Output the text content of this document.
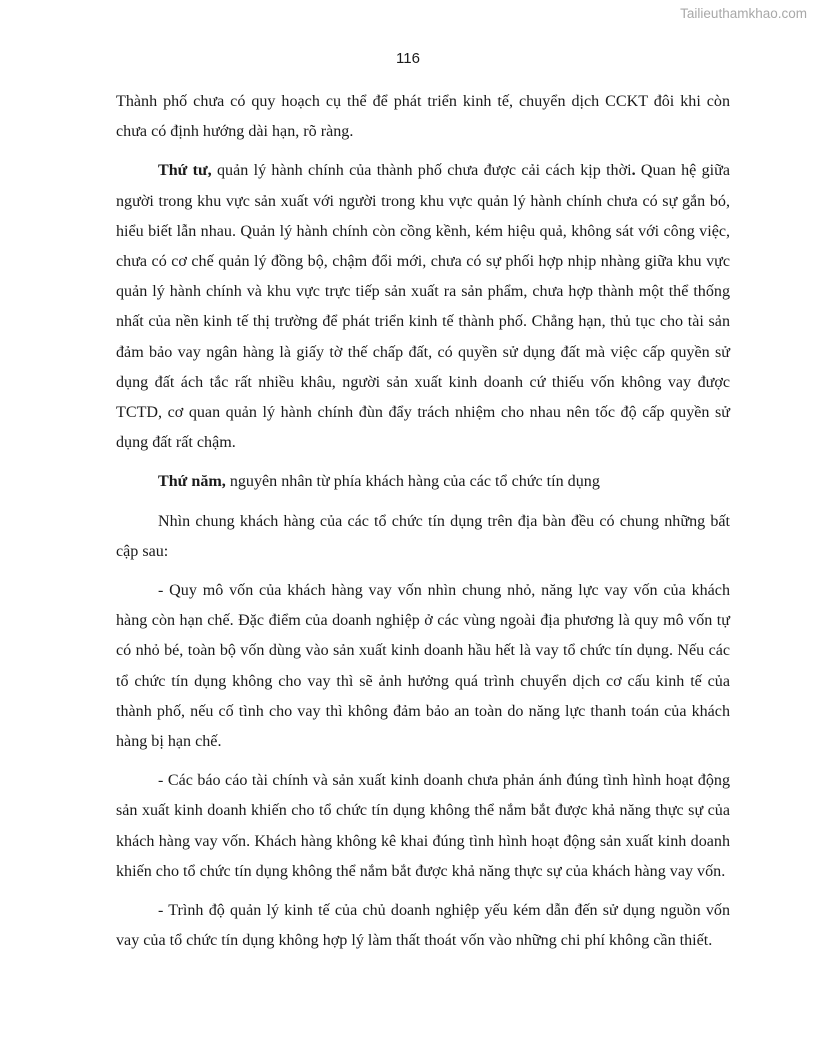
Tailieuthamkhao.com
116

Thành phố chưa có quy hoạch cụ thể để phát triển kinh tế, chuyển dịch CCKT đôi khi còn chưa có định hướng dài hạn, rõ ràng.

Thứ tư, quản lý hành chính của thành phố chưa được cải cách kịp thời. Quan hệ giữa người trong khu vực sản xuất với người trong khu vực quản lý hành chính chưa có sự gắn bó, hiểu biết lẫn nhau. Quản lý hành chính còn cồng kềnh, kém hiệu quả, không sát với công việc, chưa có cơ chế quản lý đồng bộ, chậm đổi mới, chưa có sự phối hợp nhịp nhàng giữa khu vực quản lý hành chính và khu vực trực tiếp sản xuất ra sản phẩm, chưa hợp thành một thể thống nhất của nền kinh tế thị trường để phát triển kinh tế thành phố. Chẳng hạn, thủ tục cho tài sản đảm bảo vay ngân hàng là giấy tờ thế chấp đất, có quyền sử dụng đất mà việc cấp quyền sử dụng đất ách tắc rất nhiều khâu, người sản xuất kinh doanh cứ thiếu vốn không vay được TCTD, cơ quan quản lý hành chính đùn đẩy trách nhiệm cho nhau nên tốc độ cấp quyền sử dụng đất rất chậm.

Thứ năm, nguyên nhân từ phía khách hàng của các tổ chức tín dụng

Nhìn chung khách hàng của các tổ chức tín dụng trên địa bàn đều có chung những bất cập sau:

- Quy mô vốn của khách hàng vay vốn nhìn chung nhỏ, năng lực vay vốn của khách hàng còn hạn chế. Đặc điểm của doanh nghiệp ở các vùng ngoài địa phương là quy mô vốn tự có nhỏ bé, toàn bộ vốn dùng vào sản xuất kinh doanh hầu hết là vay tổ chức tín dụng. Nếu các tổ chức tín dụng không cho vay thì sẽ ảnh hưởng quá trình chuyển dịch cơ cấu kinh tế của thành phố, nếu cố tình cho vay thì không đảm bảo an toàn do năng lực thanh toán của khách hàng bị hạn chế.

- Các báo cáo tài chính và sản xuất kinh doanh chưa phản ánh đúng tình hình hoạt động sản xuất kinh doanh khiến cho tổ chức tín dụng không thể nắm bắt được khả năng thực sự của khách hàng vay vốn. Khách hàng không kê khai đúng tình hình hoạt động sản xuất kinh doanh khiến cho tổ chức tín dụng không thể nắm bắt được khả năng thực sự của khách hàng vay vốn.

- Trình độ quản lý kinh tế của chủ doanh nghiệp yếu kém dẫn đến sử dụng nguồn vốn vay của tổ chức tín dụng không hợp lý làm thất thoát vốn vào những chi phí không cần thiết.
